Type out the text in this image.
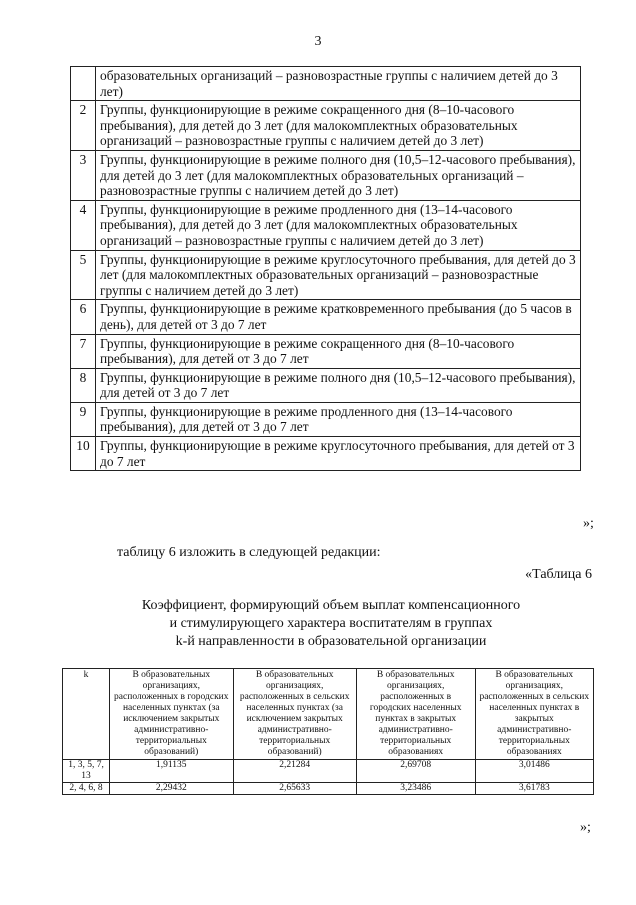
3
	образовательных организаций – разновозрастные группы с наличием детей до 3 лет)
2	Группы, функционирующие в режиме сокращенного дня (8–10-часового пребывания), для детей до 3 лет (для малокомплектных образовательных организаций – разновозрастные группы с наличием детей до 3 лет)
3	Группы, функционирующие в режиме полного дня (10,5–12-часового пребывания), для детей до 3 лет (для малокомплектных образовательных организаций – разновозрастные группы с наличием детей до 3 лет)
4	Группы, функционирующие в режиме продленного дня (13–14-часового пребывания), для детей до 3 лет (для малокомплектных образовательных организаций – разновозрастные группы с наличием детей до 3 лет)
5	Группы, функционирующие в режиме круглосуточного пребывания, для детей до 3 лет (для малокомплектных образовательных организаций – разновозрастные группы с наличием детей до 3 лет)
6	Группы, функционирующие в режиме кратковременного пребывания (до 5 часов в день), для детей от 3 до 7 лет
7	Группы, функционирующие в режиме сокращенного дня (8–10-часового пребывания), для детей от 3 до 7 лет
8	Группы, функционирующие в режиме полного дня (10,5–12-часового пребывания), для детей от 3 до 7 лет
9	Группы, функционирующие в режиме продленного дня (13–14-часового пребывания), для детей от 3 до 7 лет
10	Группы, функционирующие в режиме круглосуточного пребывания, для детей от 3 до 7 лет
»;
таблицу 6 изложить в следующей редакции:
«Таблица 6
Коэффициент, формирующий объем выплат компенсационного
и стимулирующего характера воспитателям в группах
k-й направленности в образовательной организации
k	В образовательных организациях, расположенных в городских населенных пунктах (за исключением закрытых административно-территориальных образований)	В образовательных организациях, расположенных в сельских населенных пунктах (за исключением закрытых административно-территориальных образований)	В образовательных организациях, расположенных в городских населенных пунктах в закрытых административно-территориальных образованиях	В образовательных организациях, расположенных в сельских населенных пунктах в закрытых административно-территориальных образованиях
1, 3, 5, 7, 13	1,91135	2,21284	2,69708	3,01486
2, 4, 6, 8	2,29432	2,65633	3,23486	3,61783
»;
